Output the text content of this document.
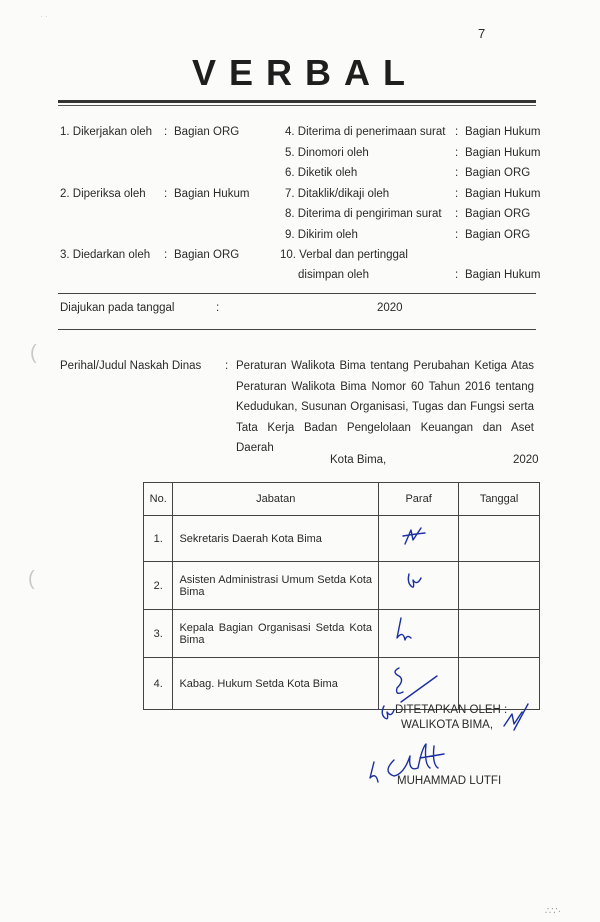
· ·
(
(
7
VERBAL
1. Dikerjakan oleh : Bagian ORG
2. Diperiksa oleh : Bagian Hukum
3. Diedarkan oleh : Bagian ORG
4. Diterima di penerimaan surat : Bagian Hukum
5. Dinomori oleh	: Bagian Hukum
6. Diketik oleh	: Bagian ORG
7. Ditaklik/dikaji oleh	: Bagian Hukum
8. Diterima di pengiriman surat : Bagian ORG
9. Dikirim oleh	: Bagian ORG
10. Verbal dan pertinggal
disimpan oleh	: Bagian Hukum
Diajukan pada tanggal	:	2020
Perihal/Judul Naskah Dinas : Peraturan Walikota Bima tentang Perubahan Ketiga Atas Peraturan Walikota Bima Nomor 60 Tahun 2016 tentang Kedudukan, Susunan Organisasi, Tugas dan Fungsi serta Tata Kerja Badan Pengelolaan Keuangan dan Aset Daerah
Kota Bima,	2020
No.	Jabatan	Paraf	Tanggal
1.	Sekretaris Daerah Kota Bima	

2.	Asisten Administrasi Umum Setda Kota Bima	

3.	Kepala Bagian Organisasi Setda Kota Bima	

4.	Kabag. Hukum Setda Kota Bima	

DITETAPKAN OLEH :
WALIKOTA BIMA,
MUHAMMAD LUTFI
∴∵·
